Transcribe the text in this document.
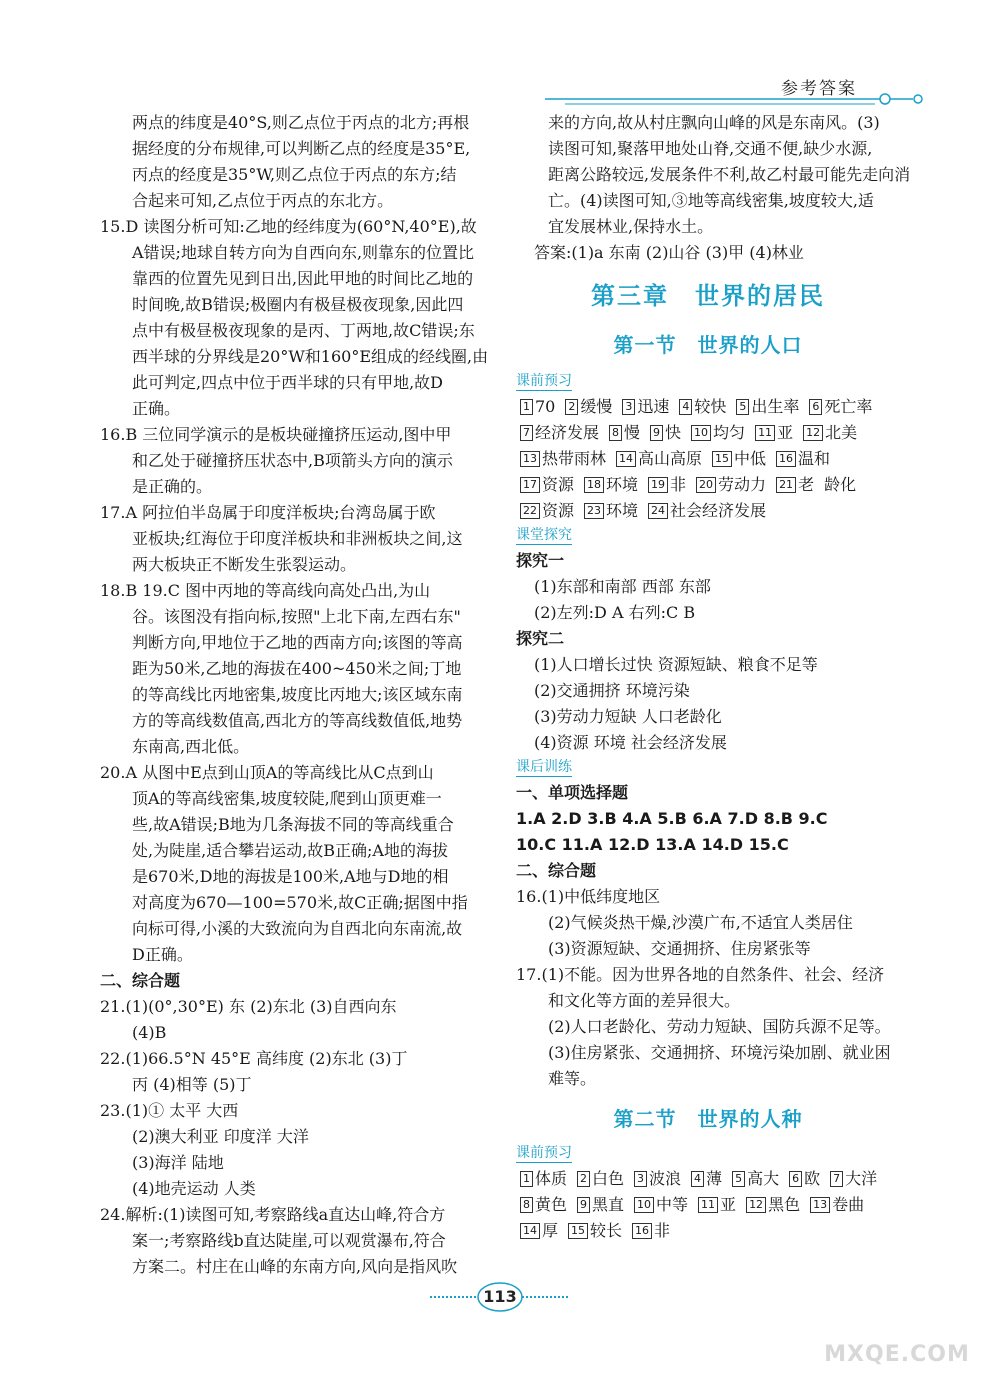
参考答案
两点的纬度是40°S,则乙点位于丙点的北方;再根
据经度的分布规律,可以判断乙点的经度是35°E,
丙点的经度是35°W,则乙点位于丙点的东方;结
合起来可知,乙点位于丙点的东北方。
15.D 读图分析可知:乙地的经纬度为(60°N,40°E),故
A错误;地球自转方向为自西向东,则靠东的位置比
靠西的位置先见到日出,因此甲地的时间比乙地的
时间晚,故B错误;极圈内有极昼极夜现象,因此四
点中有极昼极夜现象的是丙、丁两地,故C错误;东
西半球的分界线是20°W和160°E组成的经线圈,由
此可判定,四点中位于西半球的只有甲地,故D
正确。
16.B 三位同学演示的是板块碰撞挤压运动,图中甲
和乙处于碰撞挤压状态中,B项箭头方向的演示
是正确的。
17.A 阿拉伯半岛属于印度洋板块;台湾岛属于欧
亚板块;红海位于印度洋板块和非洲板块之间,这
两大板块正不断发生张裂运动。
18.B 19.C 图中丙地的等高线向高处凸出,为山
谷。该图没有指向标,按照"上北下南,左西右东"
判断方向,甲地位于乙地的西南方向;该图的等高
距为50米,乙地的海拔在400~450米之间;丁地
的等高线比丙地密集,坡度比丙地大;该区域东南
方的等高线数值高,西北方的等高线数值低,地势
东南高,西北低。
20.A 从图中E点到山顶A的等高线比从C点到山
顶A的等高线密集,坡度较陡,爬到山顶更难一
些,故A错误;B地为几条海拔不同的等高线重合
处,为陡崖,适合攀岩运动,故B正确;A地的海拔
是670米,D地的海拔是100米,A地与D地的相
对高度为670—100=570米,故C正确;据图中指
向标可得,小溪的大致流向为自西北向东南流,故
D正确。
二、综合题
21.(1)(0°,30°E) 东 (2)东北 (3)自西向东
(4)B
22.(1)66.5°N 45°E 高纬度 (2)东北 (3)丁
丙 (4)相等 (5)丁
23.(1)① 太平 大西
(2)澳大利亚 印度洋 大洋
(3)海洋 陆地
(4)地壳运动 人类
24.解析:(1)读图可知,考察路线a直达山峰,符合方
案一;考察路线b直达陡崖,可以观赏瀑布,符合
方案二。村庄在山峰的东南方向,风向是指风吹
来的方向,故从村庄飘向山峰的风是东南风。(3)
读图可知,聚落甲地处山脊,交通不便,缺少水源,
距离公路较远,发展条件不利,故乙村最可能先走向消
亡。(4)读图可知,③地等高线密集,坡度较大,适
宜发展林业,保持水土。
答案:(1)a 东南 (2)山谷 (3)甲 (4)林业
第三章　世界的居民
第一节　世界的人口
课前预习
1 70 2 缓慢 3 迅速 4 较快 5 出生率 6 死亡率
7 经济发展 8 慢 9 快 10 均匀 11 亚 12 北美
13 热带雨林 14 高山高原 15 中低 16 温和
17 资源 18 环境 19 非 20 劳动力 21 老 龄化
22 资源 23 环境 24 社会经济发展
课堂探究
探究一
(1)东部和南部 西部 东部
(2)左列:D A 右列:C B
探究二
(1)人口增长过快 资源短缺、粮食不足等
(2)交通拥挤 环境污染
(3)劳动力短缺 人口老龄化
(4)资源 环境 社会经济发展
课后训练
一、单项选择题
1.A 2.D 3.B 4.A 5.B 6.A 7.D 8.B 9.C
10.C 11.A 12.D 13.A 14.D 15.C
二、综合题
16.(1)中低纬度地区
(2)气候炎热干燥,沙漠广布,不适宜人类居住
(3)资源短缺、交通拥挤、住房紧张等
17.(1)不能。因为世界各地的自然条件、社会、经济
和文化等方面的差异很大。
(2)人口老龄化、劳动力短缺、国防兵源不足等。
(3)住房紧张、交通拥挤、环境污染加剧、就业困
难等。
第二节　世界的人种
课前预习
1 体质 2 白色 3 波浪 4 薄 5 高大 6 欧 7 大洋
8 黄色 9 黑直 10 中等 11 亚 12 黑色 13 卷曲
14 厚 15 较长 16 非
113
MXQE.COM
